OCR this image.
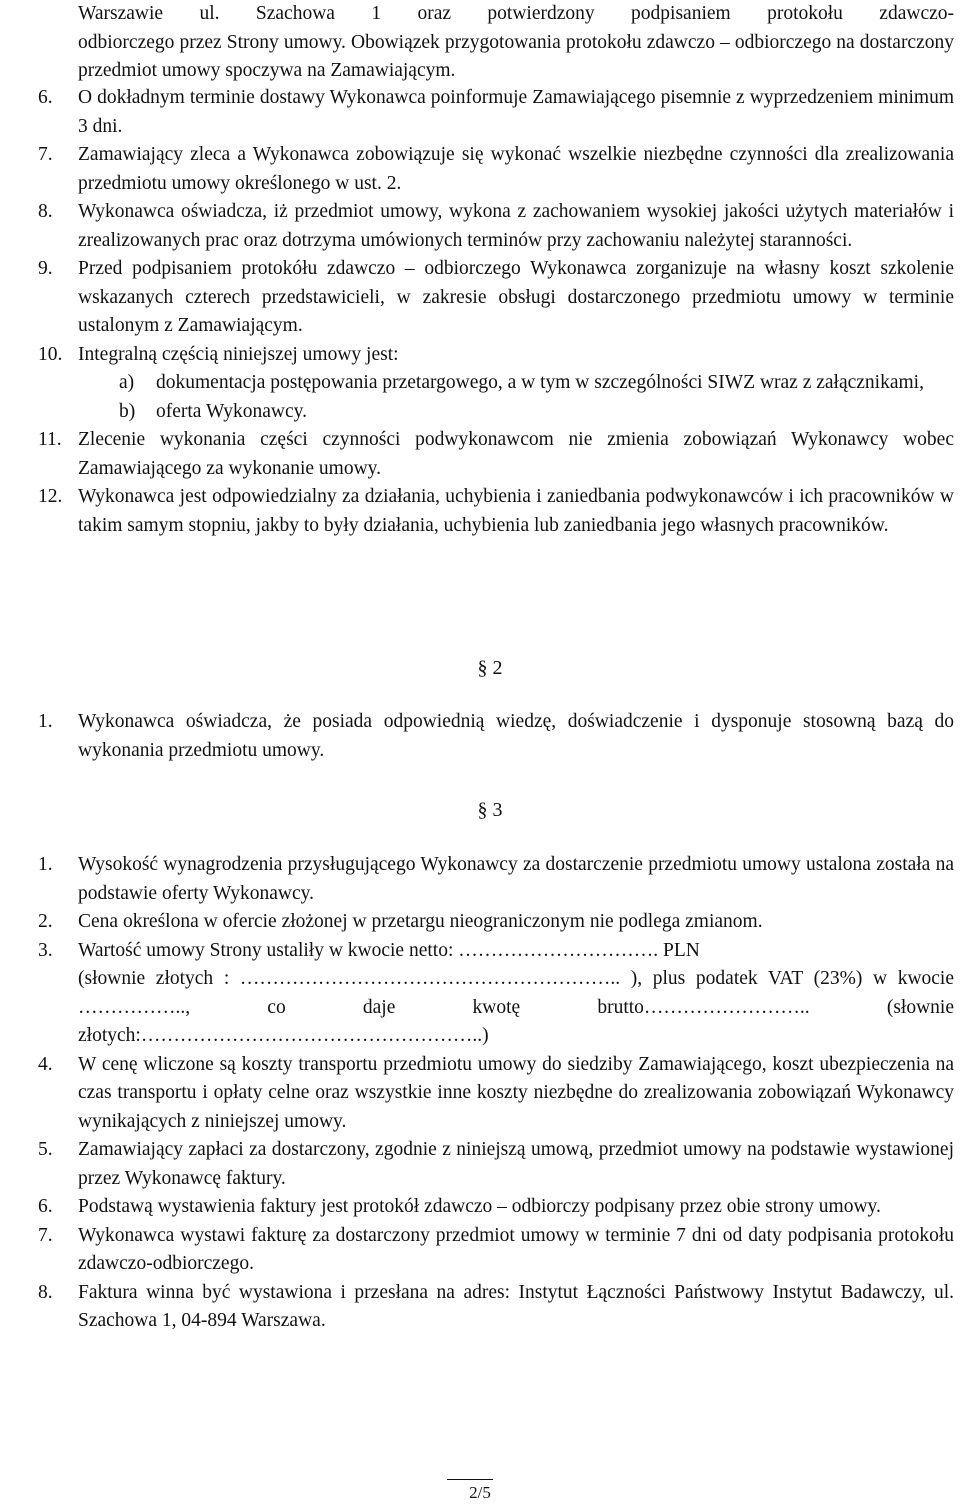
Warszawie ul. Szachowa 1 oraz potwierdzony podpisaniem protokołu zdawczo-
odbiorczego przez Strony umowy. Obowiązek przygotowania protokołu zdawczo – odbiorczego na dostarczony przedmiot umowy spoczywa na Zamawiającym.
6. O dokładnym terminie dostawy Wykonawca poinformuje Zamawiającego pisemnie z wyprzedzeniem minimum 3 dni.
7. Zamawiający zleca a Wykonawca zobowiązuje się wykonać wszelkie niezbędne czynności dla zrealizowania przedmiotu umowy określonego w ust. 2.
8. Wykonawca oświadcza, iż przedmiot umowy, wykona z zachowaniem wysokiej jakości użytych materiałów i zrealizowanych prac oraz dotrzyma umówionych terminów przy zachowaniu należytej staranności.
9. Przed podpisaniem protokółu zdawczo – odbiorczego Wykonawca zorganizuje na własny koszt szkolenie wskazanych czterech przedstawicieli, w zakresie obsługi dostarczonego przedmiotu umowy w terminie ustalonym z Zamawiającym.
10. Integralną częścią niniejszej umowy jest:
a) dokumentacja postępowania przetargowego, a w tym w szczególności SIWZ wraz z załącznikami,
b) oferta Wykonawcy.
11. Zlecenie wykonania części czynności podwykonawcom nie zmienia zobowiązań Wykonawcy wobec Zamawiającego za wykonanie umowy.
12. Wykonawca jest odpowiedzialny za działania, uchybienia i zaniedbania podwykonawców i ich pracowników w takim samym stopniu, jakby to były działania, uchybienia lub zaniedbania jego własnych pracowników.
§ 2
1. Wykonawca oświadcza, że posiada odpowiednią wiedzę, doświadczenie i dysponuje stosowną bazą do wykonania przedmiotu umowy.
§ 3
1. Wysokość wynagrodzenia przysługującego Wykonawcy za dostarczenie przedmiotu umowy ustalona została na podstawie oferty Wykonawcy.
2. Cena określona w ofercie złożonej w przetargu nieograniczonym nie podlega zmianom.
3. Wartość umowy Strony ustaliły w kwocie netto: …………………………. PLN
(słownie złotych : ………………………………………………….. ), plus podatek VAT (23%) w kwocie …………….., co daje kwotę brutto…………………….. (słownie złotych:……………………………………………..)
4. W cenę wliczone są koszty transportu przedmiotu umowy do siedziby Zamawiającego, koszt ubezpieczenia na czas transportu i opłaty celne oraz wszystkie inne koszty niezbędne do zrealizowania zobowiązań Wykonawcy wynikających z niniejszej umowy.
5. Zamawiający zapłaci za dostarczony, zgodnie z niniejszą umową, przedmiot umowy na podstawie wystawionej przez Wykonawcę faktury.
6. Podstawą wystawienia faktury jest protokół zdawczo – odbiorczy podpisany przez obie strony umowy.
7. Wykonawca wystawi fakturę za dostarczony przedmiot umowy w terminie 7 dni od daty podpisania protokołu zdawczo-odbiorczego.
8. Faktura winna być wystawiona i przesłana na adres: Instytut Łączności Państwowy Instytut Badawczy, ul. Szachowa 1, 04-894 Warszawa.
2/5
